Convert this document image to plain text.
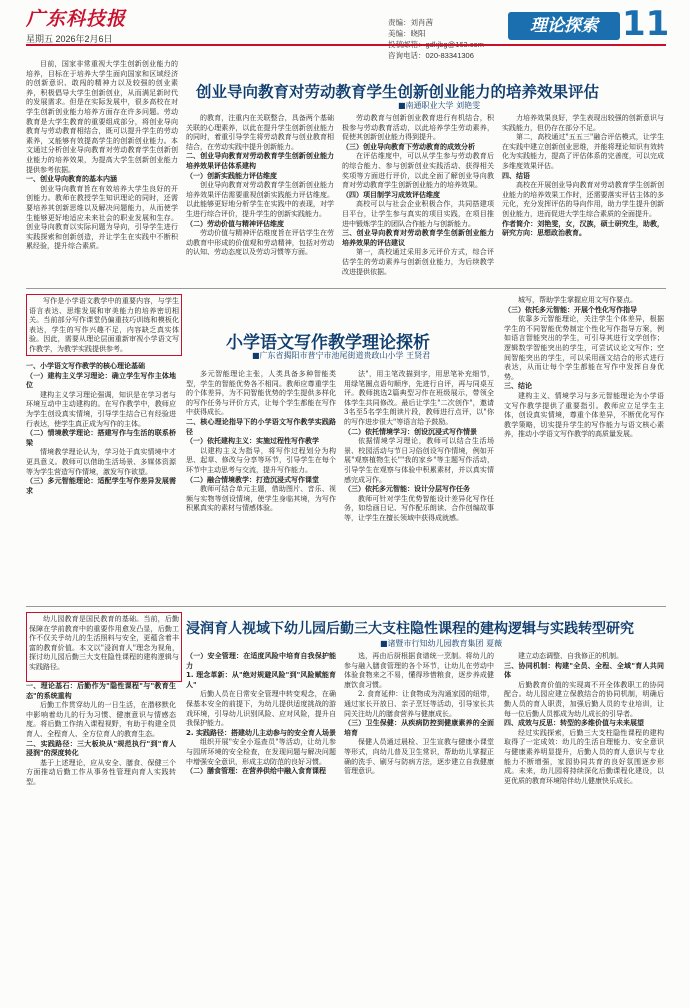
广东科技报
星期五 2026年2月6日
责编：刘肖茜
美编：晓阳
咨询电话：020-83341306
理论探索 11
创业导向教育对劳动教育学生创新创业能力的培养效果评估
■南通职业大学 刘艳雯

目前，国家非常重视大学生创新创业能力的培养，目标在于培养大学生面向国家和区域经济的创新意识、敢闯的精神力以及较强的创业素养，积极倡导大学生创新创业，从而满足新时代的发展需求。但是在实际发展中，很多高校在对学生创新创业能力培养方面存在许多问题。劳动教育是大学生教育的重要组成部分，将创业导向教育与劳动教育相结合，既可以提升学生的劳动素养，又能够有效提高学生的创新创业能力。本文通过分析创业导向教育对劳动教育学生创新创业能力的培养效果，为提高大学生创新创业能力提供参考依据。

一、创业导向教育的基本内涵

创业导向教育旨在有效培养大学生良好的开创能力。教师在教授学生知识理论的同时，还需要培养其创新思维以及解决问题能力，从而使学生能够更好地适应未来社会的职业发展和生存。创业导向教育以实际问题为导向，引导学生进行实践探索和创新创造，并让学生在实践中不断积累经验，提升综合素质。

的教育，注重内在关联整合，具备两个基础关联的心理素养，以此在提升学生创新创业能力的同时，着重引导学生将劳动教育与创业教育相结合，在劳动实践中提升创新能力。

二、创业导向教育对劳动教育学生创新创业能力培养效果评估体系建构

（一）创新实践能力评估维度

创业导向教育对劳动教育学生创新创业能力培养效果评估需要重视创新实践能力评估维度。以此能够更好地分析学生在实践中的表现，对学生进行综合评价，提升学生的创新实践能力。

（二）劳动价值与精神评估维度

劳动价值与精神评估维度旨在评估学生在劳动教育中形成的价值观和劳动精神，包括对劳动的认知、劳动态度以及劳动习惯等方面。

劳动教育与创新创业教育进行有机结合，积极参与劳动教育活动，以此培养学生劳动素养，促使其创新创业能力得到提升。

（三）创业导向教育下劳动教育的成效分析

在评估维度中，可以从学生参与劳动教育后的综合能力、参与创新创业实践活动、获得相关奖项等方面进行评价，以此全面了解创业导向教育对劳动教育学生创新创业能力的培养效果。

（四）项目制学习成效评估维度

高校可以与社会企业积极合作，共同搭建项目平台，让学生参与真实的项目实践，在项目推进中锻炼学生的团队合作能力与创新能力。

三、创业导向教育对劳动教育学生创新创业能力培养效果的评估建议

第一，高校通过采用多元评价方式，综合评估学生的劳动素养与创新创业能力，为后续教学改进提供依据。

力培养效果良好，学生表现出较强的创新意识与实践能力，但仍存在部分不足。

第二，高校通过"五五三"融合评估模式，让学生在实践中建立创新创业思维，并能将理论知识有效转化为实践能力，提高了评估体系的完善度，可以完成多维度效果评估。

四、结语

高校在开展创业导向教育对劳动教育学生创新创业能力的培养效果工作时，还需要落实评估主体的多元化，充分发挥评估的导向作用，助力学生提升创新创业能力，进而促进大学生综合素质的全面提升。

作者简介：刘艳雯，女，汉族，硕士研究生，助教，研究方向：思想政治教育。

写作是小学语文教学中的重要内容，与学生语言表达、思维发展和审美能力的培养密切相关。当前部分写作课堂仍偏重技巧训练和模板化表达，学生的写作兴趣不足，内容缺乏真实体验。因此，需要从理论层面重新审视小学语文写作教学，为教学实践提供参考。	小学语文写作教学理论探析
■广东省揭阳市普宁市池尾街道贵政山小学 王贤君

一、小学语文写作教学的核心理论基础

（一）建构主义学习理论：确立学生写作主体地位

建构主义学习理论强调，知识是在学习者与环境互动中主动建构的。在写作教学中，教师应为学生创设真实情境，引导学生结合已有经验进行表达，使学生真正成为写作的主体。

（二）情境教学理论：搭建写作与生活的联系桥梁

情境教学理论认为，学习处于真实情境中才更具意义。教师可以借助生活场景、多媒体资源等为学生营造写作情境，激发写作欲望。

（三）多元智能理论：适配学生写作差异发展需求

多元智能理论主张，人类具备多种智能类型，学生的智能优势各不相同。教师应尊重学生的个体差异，为不同智能优势的学生提供多样化的写作任务与评价方式，让每个学生都能在写作中获得成长。

二、核心理论指导下的小学语文写作教学实践路径

（一）依托建构主义：实施过程性写作教学

以建构主义为指导，将写作过程划分为构思、起草、修改与分享等环节，引导学生在每个环节中主动思考与交流，提升写作能力。

（二）融合情境教学：打造沉浸式写作课堂

教师可结合单元主题，借助图片、音乐、视频与实物等创设情境，使学生身临其境，为写作积累真实的素材与情感体验。

法"，用主笔改描到字，用思笔补充细节，用绿笔圈点语句顺序，先进行自评，再与同桌互评。教师挑选2篇典型习作在班级展示，带领全体学生共同修改。最后让学生"二次创作"，邀请3名至5名学生朗读片段，教师进行点评，以"你的写作进步很大"等语言给予鼓励。

（二）依托情境学习：创设沉浸式写作情景

依据情境学习理论，教师可以结合生活场景、校园活动与节日习俗创设写作情境，例如开展"观察植物生长""我的家乡"等主题写作活动，引导学生在观察与体验中积累素材，并以真实情感完成习作。

（三）依托多元智能：设计分层写作任务

教师可针对学生优势智能设计差异化写作任务，如绘画日记、写作配乐朗读、合作创编故事等，让学生在擅长领域中获得成就感。

城写，帮助学生掌握应用文写作要点。

（三）依托多元智能：开展个性化写作指导

依靠多元智能理论，关注学生个体差异，根据学生的不同智能优势制定个性化写作指导方案，例如语言智能突出的学生，可引导其进行文学创作；逻辑数学智能突出的学生，可尝试议论文写作；空间智能突出的学生，可以采用画文结合的形式进行表达，从而让每个学生都能在写作中发挥自身优势。

三、结论

建构主义、情境学习与多元智能理论为小学语文写作教学提供了重要指引。教师应立足学生主体，创设真实情境，尊重个体差异，不断优化写作教学策略，切实提升学生的写作能力与语文核心素养，推动小学语文写作教学的高质量发展。

幼儿园教育是国民教育的基础。当前，后勤保障在学前教育中的重要作用愈发凸显，后勤工作不仅关乎幼儿的生活照料与安全，更蕴含着丰富的教育价值。本文以"浸润育人"理念为视角，探讨幼儿园后勤三大支柱隐性课程的建构逻辑与实践路径。

浸润育人视域下幼儿园后勤三大支柱隐性课程的建构逻辑与实践转型研究
■诸暨市行知幼儿园教育集团 夏薇

一、理论基石：后勤作为"隐性课程"与"教育生态"的系统重构

后勤工作贯穿幼儿的一日生活，在潜移默化中影响着幼儿的行为习惯、健康意识与情感态度。将后勤工作纳入课程视野，有助于构建全员育人、全程育人、全方位育人的教育生态。

二、实践路径：三大板块从"规范执行"到"育人浸润"的深度转化

基于上述理论，应从安全、膳食、保健三个方面推动后勤工作从事务性管理向育人实践转型。

（一）安全管理：在适度风险中培育自我保护能力

1. 理念革新：从"绝对规避风险"到"风险赋能育人"

后勤人员在日常安全管理中转变观念，在确保基本安全的前提下，为幼儿提供适度挑战的游戏环境，引导幼儿识别风险、应对风险，提升自我保护能力。

2. 实践路径：搭建幼儿主动参与的安全育人场景

组织开展"安全小巡查员"等活动，让幼儿参与园所环境的安全检查，在发现问题与解决问题中增强安全意识，形成主动防范的良好习惯。

（二）膳食管理：在营养供给中融入食育课程

选，再由后厨根据食谱统一烹制。将幼儿的参与融入膳食管理的各个环节，让幼儿在劳动中体验食物来之不易，懂得珍惜粮食，逐步养成健康饮食习惯。

2. 食育延伸：让食物成为沟通家园的纽带，通过家长开放日、亲子烹饪等活动，引导家长共同关注幼儿的膳食营养与健康成长。

（三）卫生保健：从疾病防控到健康素养的全面培育

保健人员通过晨检、卫生宣教与健康小课堂等形式，向幼儿普及卫生常识，帮助幼儿掌握正确的洗手、刷牙与防病方法，逐步建立自我健康管理意识。

建立动态调整、自我修正的机制。

三、协同机制：构建"全员、全程、全域"育人共同体

后勤教育价值的实现离不开全体教职工的协同配合。幼儿园应建立保教结合的协同机制，明确后勤人员的育人职责，加强后勤人员的专业培训，让每一位后勤人员都成为幼儿成长的引导者。

四、成效与反思：转型的多维价值与未来展望

经过实践探索，后勤三大支柱隐性课程的建构取得了一定成效：幼儿的生活自理能力、安全意识与健康素养明显提升，后勤人员的育人意识与专业能力不断增强，家园协同共育的良好氛围逐步形成。未来，幼儿园将持续深化后勤课程化建设，以更优质的教育环境陪伴幼儿健康快乐成长。
